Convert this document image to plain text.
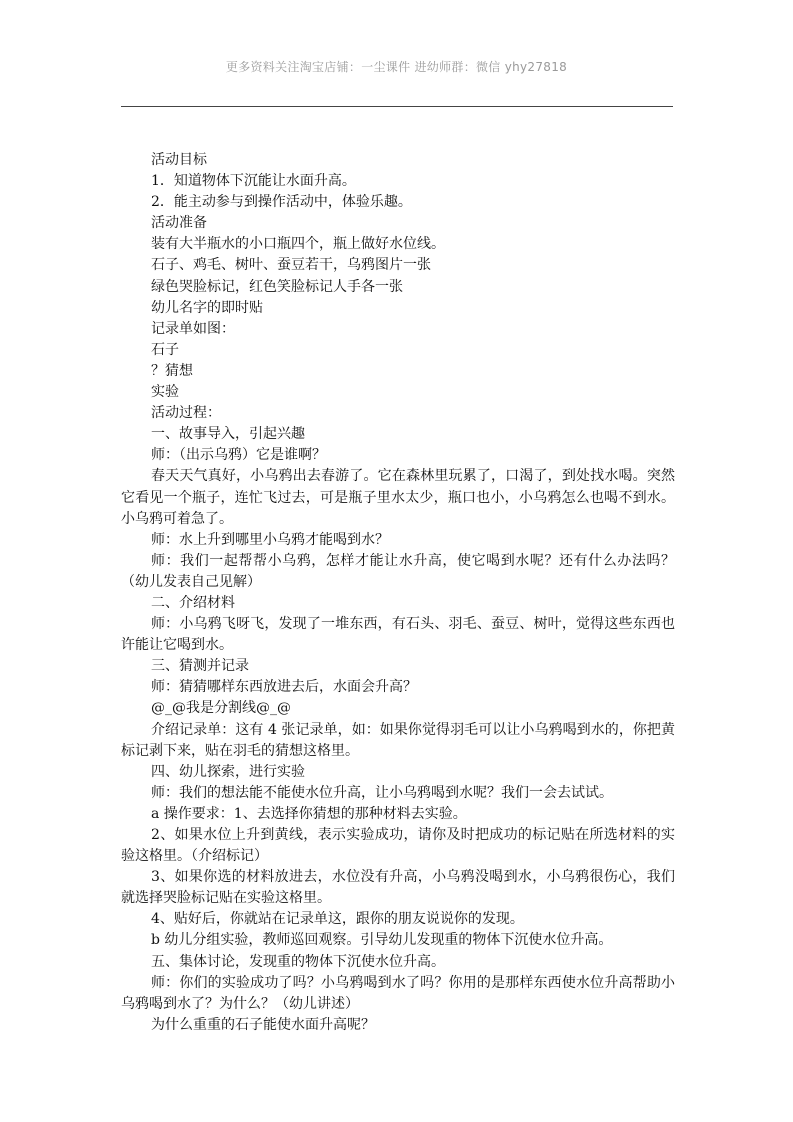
更多资料关注淘宝店铺：一尘课件 进幼师群：微信 yhy27818

活动目标

1．知道物体下沉能让水面升高。

2．能主动参与到操作活动中，体验乐趣。

活动准备

装有大半瓶水的小口瓶四个，瓶上做好水位线。

石子、鸡毛、树叶、蚕豆若干，乌鸦图片一张

绿色哭脸标记，红色笑脸标记人手各一张

幼儿名字的即时贴

记录单如图：

石子

？猜想

实验

活动过程：

一、故事导入，引起兴趣

师：（出示乌鸦）它是谁啊？

春天天气真好，小乌鸦出去春游了。它在森林里玩累了，口渴了，到处找水喝。突然它看见一个瓶子，连忙飞过去，可是瓶子里水太少，瓶口也小，小乌鸦怎么也喝不到水。小乌鸦可着急了。

师：水上升到哪里小乌鸦才能喝到水？

师：我们一起帮帮小乌鸦，怎样才能让水升高，使它喝到水呢？还有什么办法吗？（幼儿发表自己见解）

二、介绍材料

师：小乌鸦飞呀飞，发现了一堆东西，有石头、羽毛、蚕豆、树叶，觉得这些东西也许能让它喝到水。

三、猜测并记录

师：猜猜哪样东西放进去后，水面会升高？

@_@我是分割线@_@

介绍记录单：这有 4 张记录单，如：如果你觉得羽毛可以让小乌鸦喝到水的，你把黄标记剥下来，贴在羽毛的猜想这格里。

四、幼儿探索，进行实验

师：我们的想法能不能使水位升高，让小乌鸦喝到水呢？我们一会去试试。

a 操作要求：1、去选择你猜想的那种材料去实验。

2、如果水位上升到黄线，表示实验成功，请你及时把成功的标记贴在所选材料的实验这格里。（介绍标记）

3、如果你选的材料放进去，水位没有升高，小乌鸦没喝到水，小乌鸦很伤心，我们就选择哭脸标记贴在实验这格里。

4、贴好后，你就站在记录单这，跟你的朋友说说你的发现。

b 幼儿分组实验，教师巡回观察。引导幼儿发现重的物体下沉使水位升高。

五、集体讨论，发现重的物体下沉使水位升高。

师：你们的实验成功了吗？小乌鸦喝到水了吗？你用的是那样东西使水位升高帮助小乌鸦喝到水了？为什么？（幼儿讲述）

为什么重重的石子能使水面升高呢？
